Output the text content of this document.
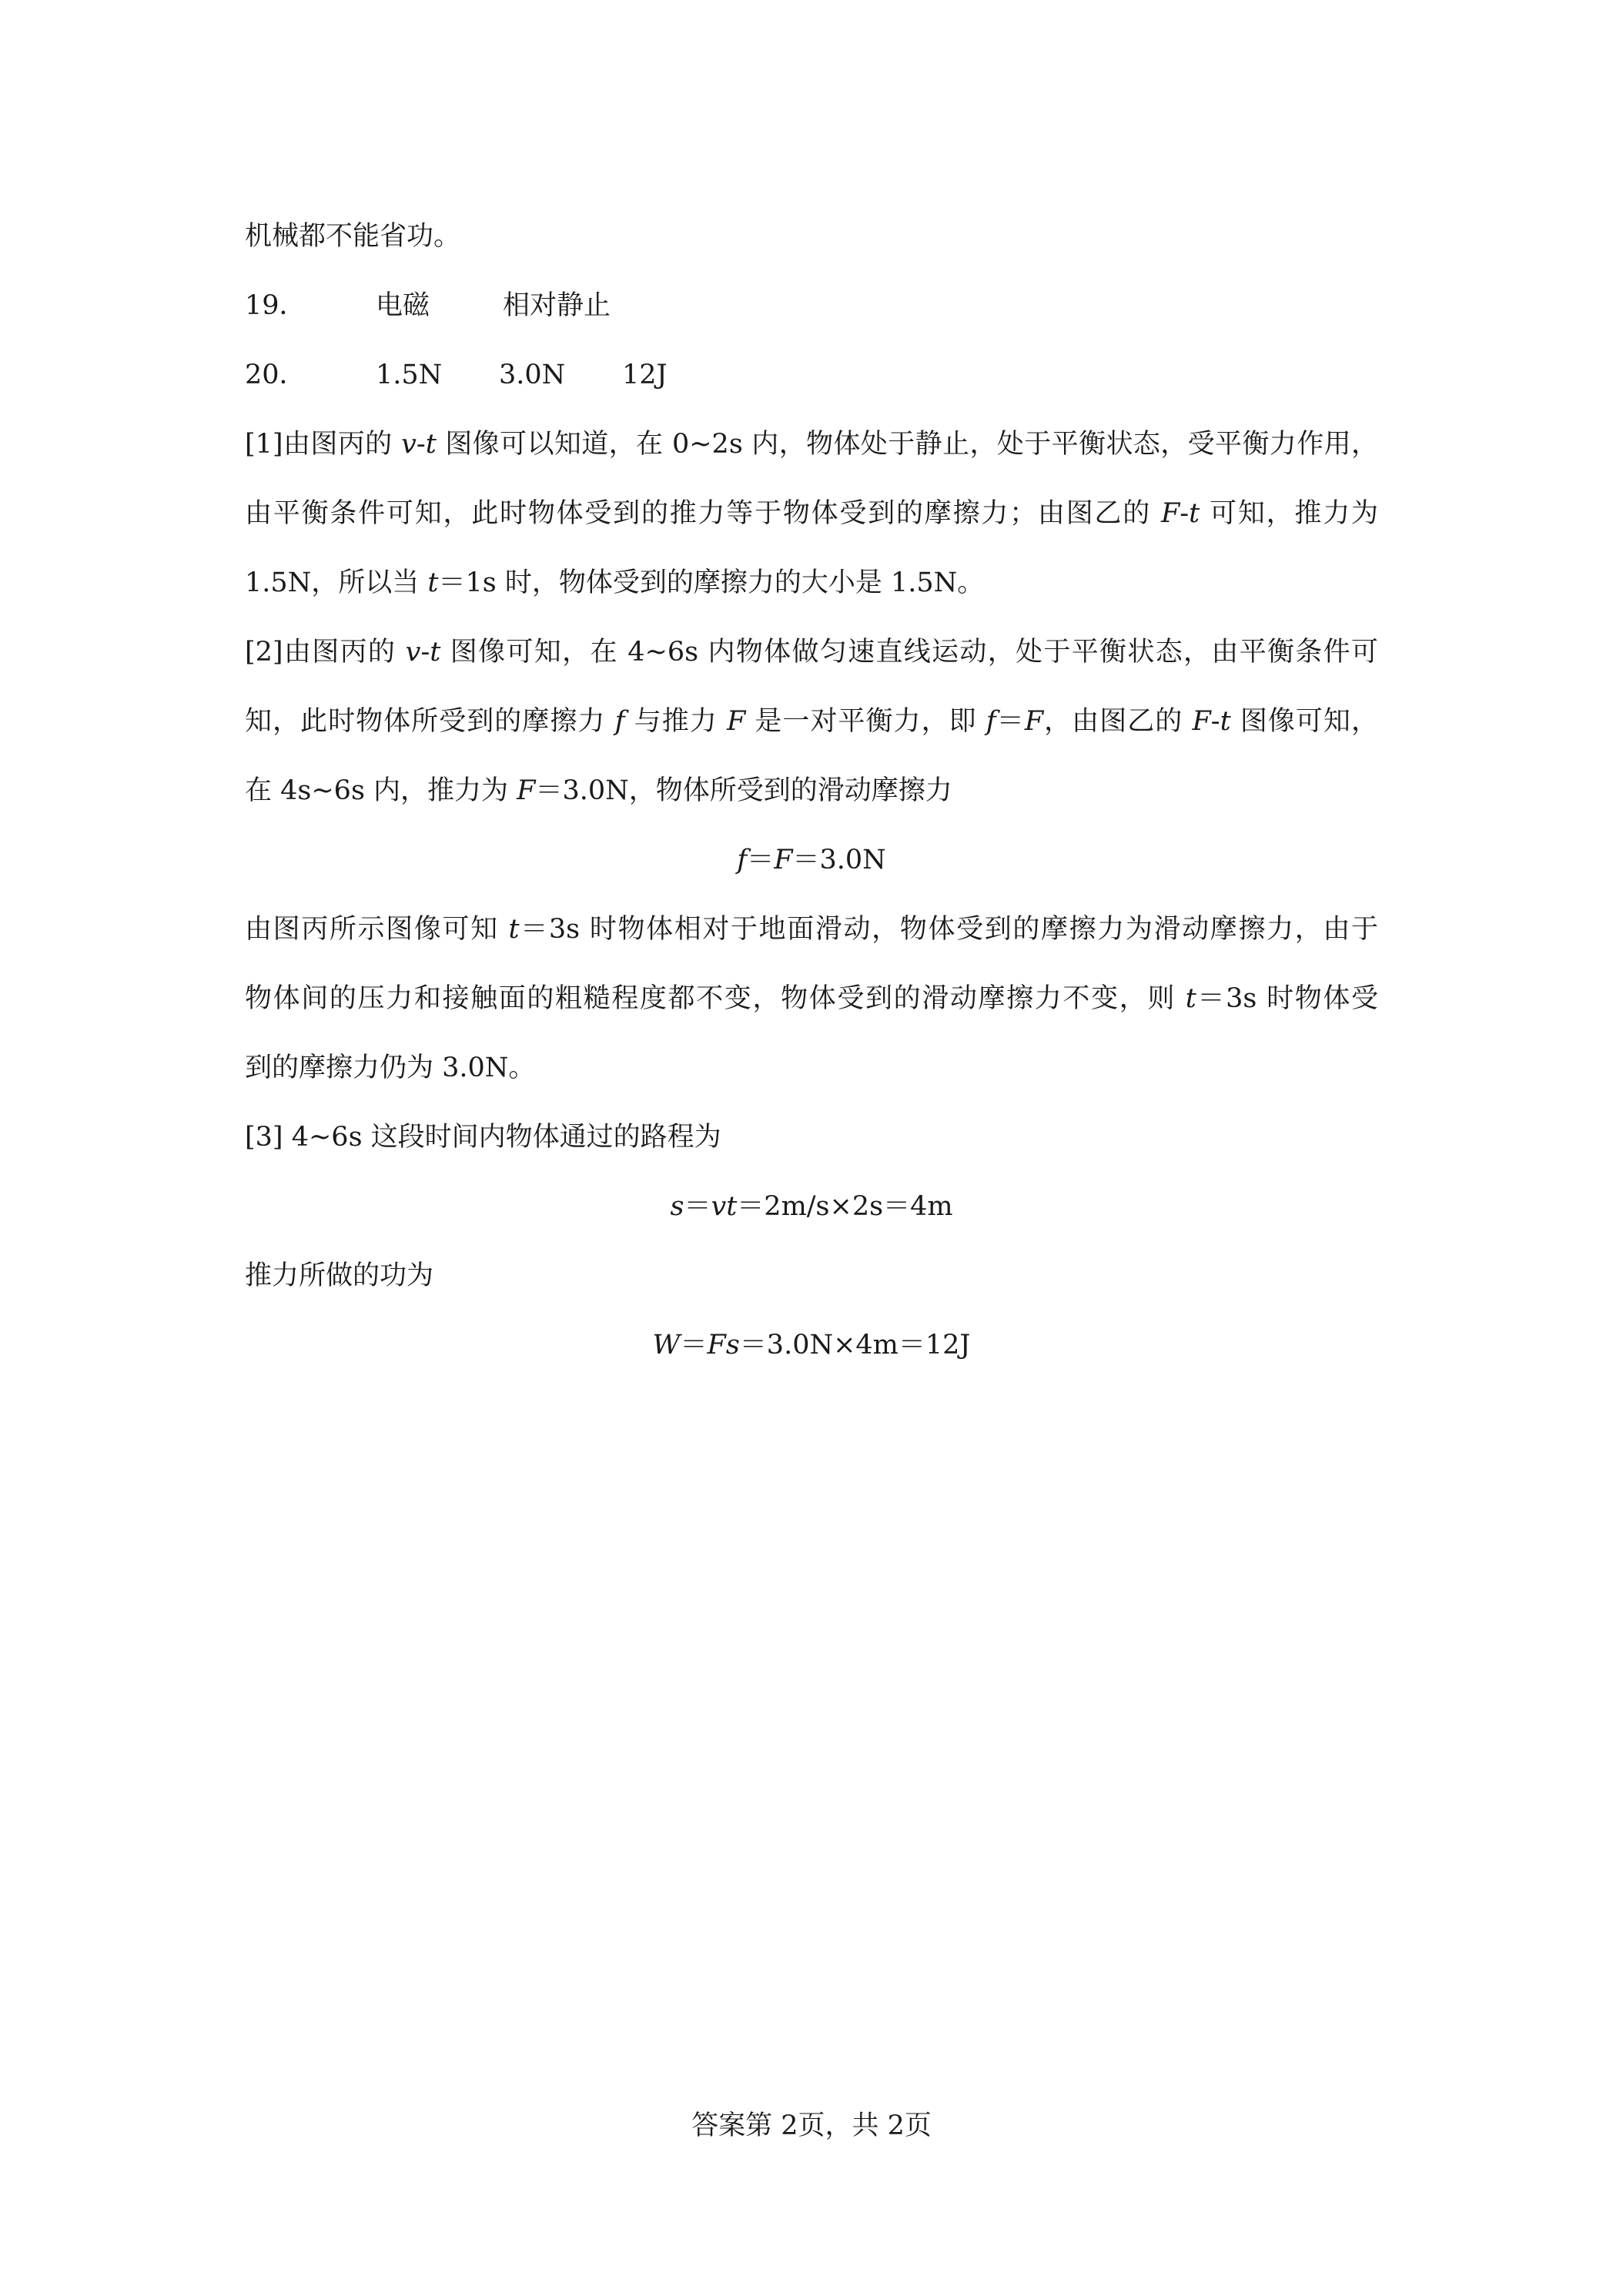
机械都不能省功。
19．	电磁	相对静止
20．	1.5N 3.0N 12J
[1]由图丙的 v-t 图像可以知道，在 0~2s 内，物体处于静止，处于平衡状态，受平衡力作用，
由平衡条件可知，此时物体受到的推力等于物体受到的摩擦力；由图乙的 F-t 可知，推力为
1.5N，所以当 t＝1s 时，物体受到的摩擦力的大小是 1.5N。
[2]由图丙的 v-t 图像可知，在 4~6s 内物体做匀速直线运动，处于平衡状态，由平衡条件可
知，此时物体所受到的摩擦力 f 与推力 F 是一对平衡力，即 f＝F，由图乙的 F-t 图像可知，
在 4s~6s 内，推力为 F＝3.0N，物体所受到的滑动摩擦力
f＝F＝3.0N
由图丙所示图像可知 t＝3s 时物体相对于地面滑动，物体受到的摩擦力为滑动摩擦力，由于
物体间的压力和接触面的粗糙程度都不变，物体受到的滑动摩擦力不变，则 t＝3s 时物体受
到的摩擦力仍为 3.0N。
[3] 4~6s 这段时间内物体通过的路程为
s＝vt＝2m/s×2s＝4m
推力所做的功为
W＝Fs＝3.0N×4m＝12J
答案第 2页，共 2页
